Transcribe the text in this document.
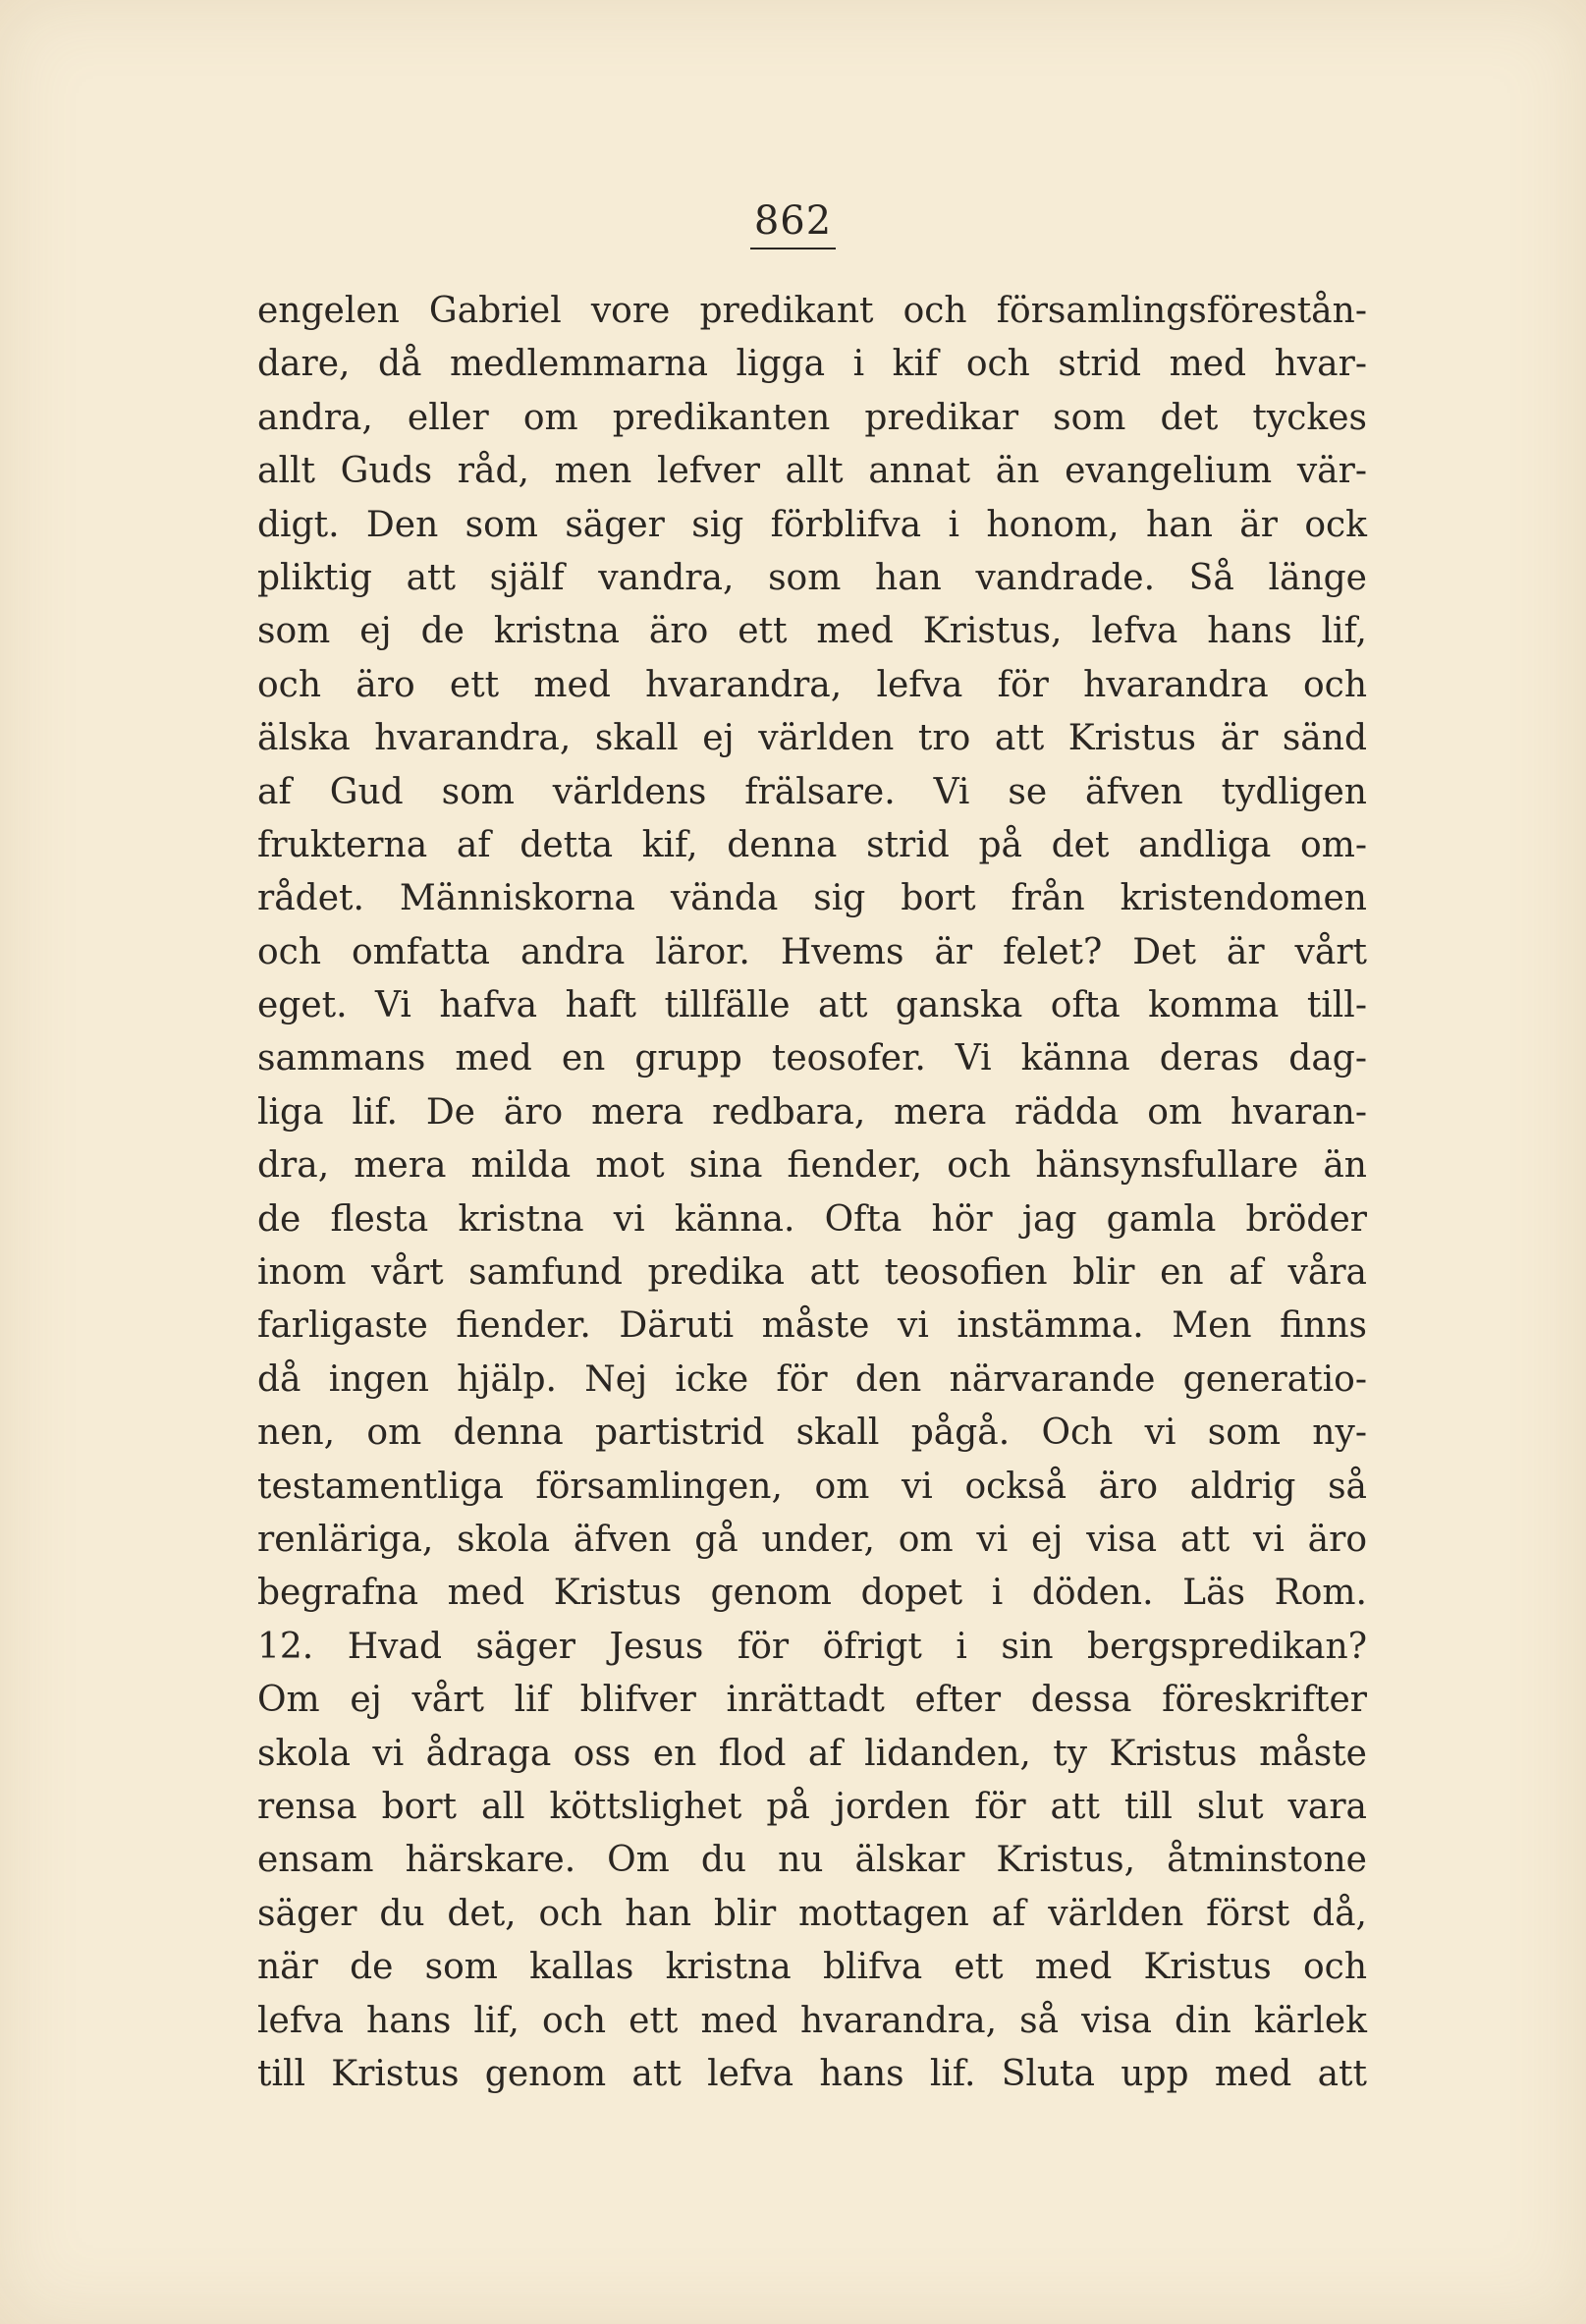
862
engelen Gabriel vore predikant och församlingsförestån-
dare, då medlemmarna ligga i kif och strid med hvar-
andra, eller om predikanten predikar som det tyckes
allt Guds råd, men lefver allt annat än evangelium vär-
digt. Den som säger sig förblifva i honom, han är ock
pliktig att själf vandra, som han vandrade. Så länge
som ej de kristna äro ett med Kristus, lefva hans lif,
och äro ett med hvarandra, lefva för hvarandra och
älska hvarandra, skall ej världen tro att Kristus är sänd
af Gud som världens frälsare. Vi se äfven tydligen
frukterna af detta kif, denna strid på det andliga om-
rådet. Människorna vända sig bort från kristendomen
och omfatta andra läror. Hvems är felet? Det är vårt
eget. Vi hafva haft tillfälle att ganska ofta komma till-
sammans med en grupp teosofer. Vi känna deras dag-
liga lif. De äro mera redbara, mera rädda om hvaran-
dra, mera milda mot sina fiender, och hänsynsfullare än
de flesta kristna vi känna. Ofta hör jag gamla bröder
inom vårt samfund predika att teosofien blir en af våra
farligaste fiender. Däruti måste vi instämma. Men finns
då ingen hjälp. Nej icke för den närvarande generatio-
nen, om denna partistrid skall pågå. Och vi som ny-
testamentliga församlingen, om vi också äro aldrig så
renläriga, skola äfven gå under, om vi ej visa att vi äro
begrafna med Kristus genom dopet i döden. Läs Rom.
12. Hvad säger Jesus för öfrigt i sin bergspredikan?
Om ej vårt lif blifver inrättadt efter dessa föreskrifter
skola vi ådraga oss en flod af lidanden, ty Kristus måste
rensa bort all köttslighet på jorden för att till slut vara
ensam härskare. Om du nu älskar Kristus, åtminstone
säger du det, och han blir mottagen af världen först då,
när de som kallas kristna blifva ett med Kristus och
lefva hans lif, och ett med hvarandra, så visa din kärlek
till Kristus genom att lefva hans lif. Sluta upp med att
